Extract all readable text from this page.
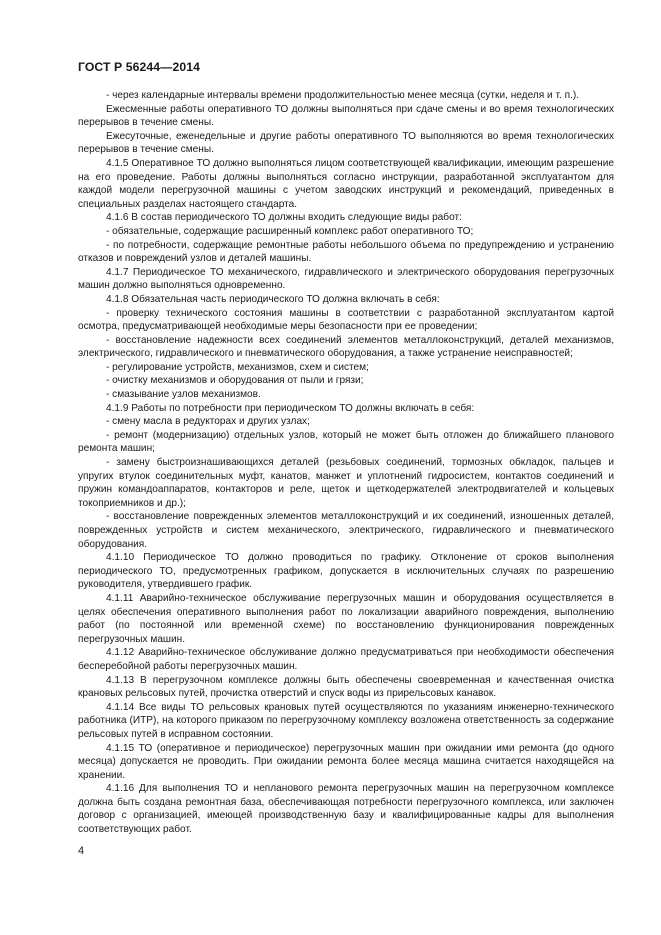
ГОСТ Р 56244—2014

- через календарные интервалы времени продолжительностью менее месяца (сутки, неделя и т. п.).

Ежесменные работы оперативного ТО должны выполняться при сдаче смены и во время технологических перерывов в течение смены.

Ежесуточные, еженедельные и другие работы оперативного ТО выполняются во время технологических перерывов в течение смены.

4.1.5 Оперативное ТО должно выполняться лицом соответствующей квалификации, имеющим разрешение на его проведение. Работы должны выполняться согласно инструкции, разработанной эксплуатантом для каждой модели перегрузочной машины с учетом заводских инструкций и рекомендаций, приведенных в специальных разделах настоящего стандарта.

4.1.6 В состав периодического ТО должны входить следующие виды работ:

- обязательные, содержащие расширенный комплекс работ оперативного ТО;

- по потребности, содержащие ремонтные работы небольшого объема по предупреждению и устранению отказов и повреждений узлов и деталей машины.

4.1.7 Периодическое ТО механического, гидравлического и электрического оборудования перегрузочных машин должно выполняться одновременно.

4.1.8 Обязательная часть периодического ТО должна включать в себя:

- проверку технического состояния машины в соответствии с разработанной эксплуатантом картой осмотра, предусматривающей необходимые меры безопасности при ее проведении;

- восстановление надежности всех соединений элементов металлоконструкций, деталей механизмов, электрического, гидравлического и пневматического оборудования, а также устранение неисправностей;

- регулирование устройств, механизмов, схем и систем;

- очистку механизмов и оборудования от пыли и грязи;

- смазывание узлов механизмов.

4.1.9 Работы по потребности при периодическом ТО должны включать в себя:

- смену масла в редукторах и других узлах;

- ремонт (модернизацию) отдельных узлов, который не может быть отложен до ближайшего планового ремонта машин;

- замену быстроизнашивающихся деталей (резьбовых соединений, тормозных обкладок, пальцев и упругих втулок соединительных муфт, канатов, манжет и уплотнений гидросистем, контактов соединений и пружин командоаппаратов, контакторов и реле, щеток и щеткодержателей электродвигателей и кольцевых токоприемников и др.);

- восстановление поврежденных элементов металлоконструкций и их соединений, изношенных деталей, поврежденных устройств и систем механического, электрического, гидравлического и пневматического оборудования.

4.1.10 Периодическое ТО должно проводиться по графику. Отклонение от сроков выполнения периодического ТО, предусмотренных графиком, допускается в исключительных случаях по разрешению руководителя, утвердившего график.

4.1.11 Аварийно-техническое обслуживание перегрузочных машин и оборудования осуществляется в целях обеспечения оперативного выполнения работ по локализации аварийного повреждения, выполнению работ (по постоянной или временной схеме) по восстановлению функционирования поврежденных перегрузочных машин.

4.1.12 Аварийно-техническое обслуживание должно предусматриваться при необходимости обеспечения бесперебойной работы перегрузочных машин.

4.1.13 В перегрузочном комплексе должны быть обеспечены своевременная и качественная очистка крановых рельсовых путей, прочистка отверстий и спуск воды из прирельсовых канавок.

4.1.14 Все виды ТО рельсовых крановых путей осуществляются по указаниям инженерно-технического работника (ИТР), на которого приказом по перегрузочному комплексу возложена ответственность за содержание рельсовых путей в исправном состоянии.

4.1.15 ТО (оперативное и периодическое) перегрузочных машин при ожидании ими ремонта (до одного месяца) допускается не проводить. При ожидании ремонта более месяца машина считается находящейся на хранении.

4.1.16 Для выполнения ТО и непланового ремонта перегрузочных машин на перегрузочном комплексе должна быть создана ремонтная база, обеспечивающая потребности перегрузочного комплекса, или заключен договор с организацией, имеющей производственную базу и квалифицированные кадры для выполнения соответствующих работ.

4
